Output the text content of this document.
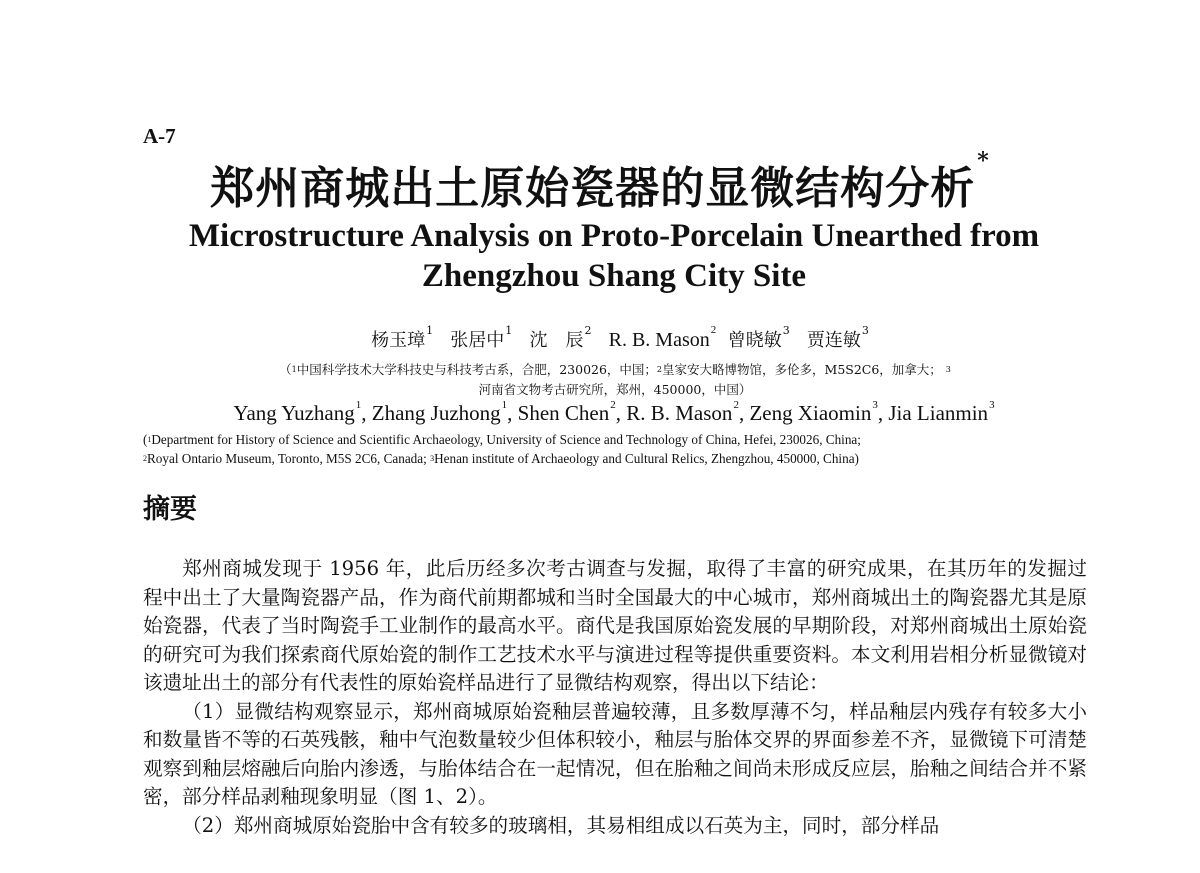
A-7
郑州商城出土原始瓷器的显微结构分析*
Microstructure Analysis on Proto-Porcelain Unearthed from
Zhengzhou Shang City Site
杨玉璋$^1$ 张居中$^1$ 沈　辰$^2$ R. B. Mason$^2$ 曾晓敏$^3$ 贾连敏$^3$
（$^1$中国科学技术大学科技史与科技考古系，合肥，230026，中国；$^2$皇家安大略博物馆，多伦多，M5S2C6，加拿大； $^3$河南省文物考古研究所，郑州，450000，中国）
Yang Yuzhang$^1$, Zhang Juzhong$^1$, Shen Chen$^2$, R. B. Mason$^2$, Zeng Xiaomin$^3$, Jia Lianmin$^3$
($^1$Department for History of Science and Scientific Archaeology, University of Science and Technology of China, Hefei, 230026, China;
$^2$Royal Ontario Museum, Toronto, M5S 2C6, Canada; $^3$Henan institute of Archaeology and Cultural Relics, Zhengzhou, 450000, China)
摘要

郑州商城发现于 1956 年，此后历经多次考古调查与发掘，取得了丰富的研究成果，在其历年的发掘过程中出土了大量陶瓷器产品，作为商代前期都城和当时全国最大的中心城市，郑州商城出土的陶瓷器尤其是原始瓷器，代表了当时陶瓷手工业制作的最高水平。商代是我国原始瓷发展的早期阶段，对郑州商城出土原始瓷的研究可为我们探索商代原始瓷的制作工艺技术水平与演进过程等提供重要资料。本文利用岩相分析显微镜对该遗址出土的部分有代表性的原始瓷样品进行了显微结构观察，得出以下结论：

（1）显微结构观察显示，郑州商城原始瓷釉层普遍较薄，且多数厚薄不匀，样品釉层内残存有较多大小和数量皆不等的石英残骸，釉中气泡数量较少但体积较小，釉层与胎体交界的界面参差不齐，显微镜下可清楚观察到釉层熔融后向胎内渗透，与胎体结合在一起情况，但在胎釉之间尚未形成反应层，胎釉之间结合并不紧密，部分样品剥釉现象明显（图 1、2）。

（2）郑州商城原始瓷胎中含有较多的玻璃相，其易相组成以石英为主，同时，部分样品
